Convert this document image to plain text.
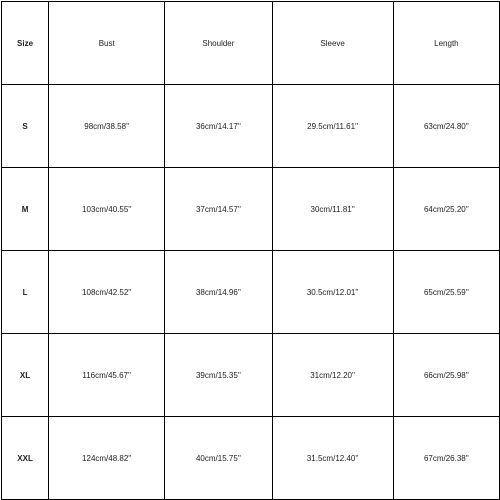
Size	Bust	Shoulder	Sleeve	Length
S	98cm/38.58''	36cm/14.17''	29.5cm/11.61''	63cm/24.80''
M	103cm/40.55''	37cm/14.57''	30cm/11.81''	64cm/25.20''
L	108cm/42.52''	38cm/14.96''	30.5cm/12.01''	65cm/25.59''
XL	116cm/45.67''	39cm/15.35''	31cm/12.20''	66cm/25.98''
XXL	124cm/48.82''	40cm/15.75''	31.5cm/12.40''	67cm/26.38''
